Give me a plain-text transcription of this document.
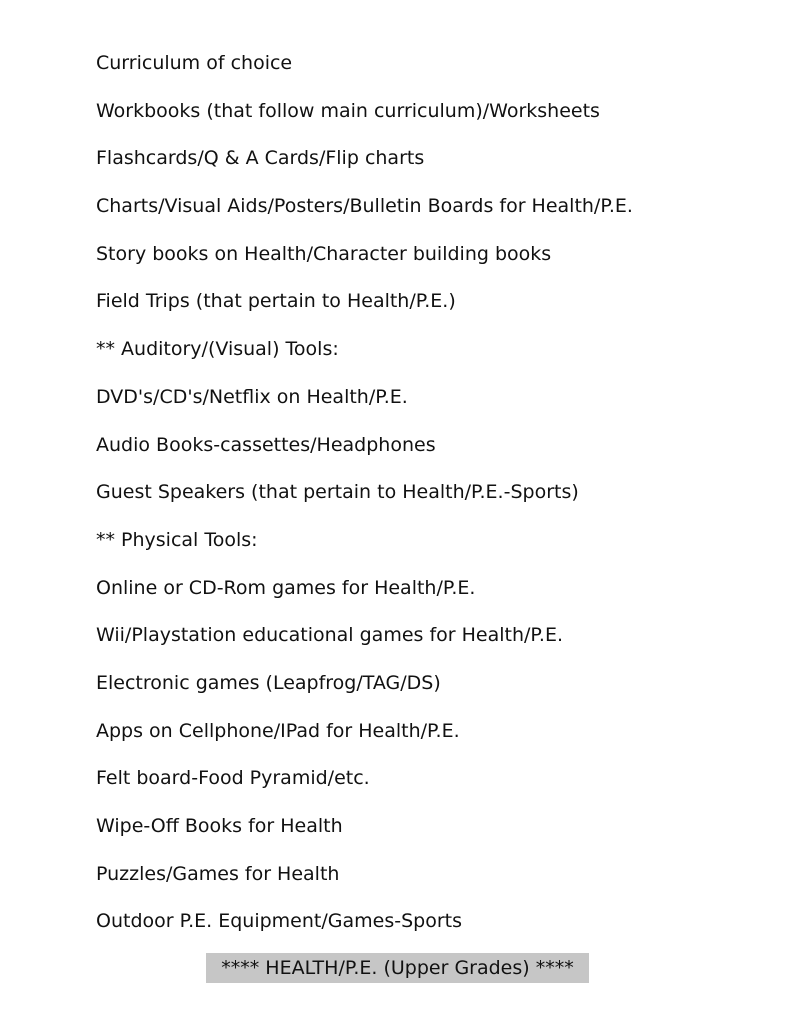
Curriculum of choice
Workbooks (that follow main curriculum)/Worksheets
Flashcards/Q & A Cards/Flip charts
Charts/Visual Aids/Posters/Bulletin Boards for Health/P.E.
Story books on Health/Character building books
Field Trips (that pertain to Health/P.E.)
** Auditory/(Visual) Tools:
DVD's/CD's/Netflix on Health/P.E.
Audio Books-cassettes/Headphones
Guest Speakers (that pertain to Health/P.E.-Sports)
** Physical Tools:
Online or CD-Rom games for Health/P.E.
Wii/Playstation educational games for Health/P.E.
Electronic games (Leapfrog/TAG/DS)
Apps on Cellphone/IPad for Health/P.E.
Felt board-Food Pyramid/etc.
Wipe-Off Books for Health
Puzzles/Games for Health
Outdoor P.E. Equipment/Games-Sports
**** HEALTH/P.E. (Upper Grades) ****
